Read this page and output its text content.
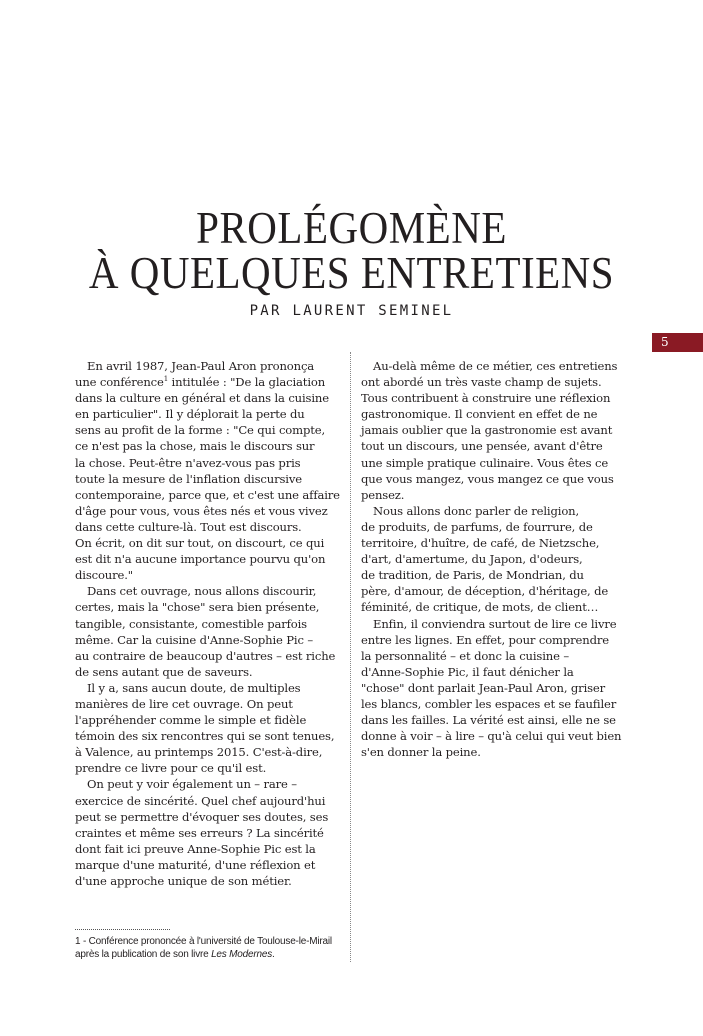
PROLÉGOMÈNE
À QUELQUES ENTRETIENS
PAR LAURENT SEMINEL
5

En avril 1987, Jean-Paul Aron prononça
une conférence$^1$ intitulée : "De la glaciation
dans la culture en général et dans la cuisine
en particulier". Il y déplorait la perte du
sens au profit de la forme : "Ce qui compte,
ce n'est pas la chose, mais le discours sur
la chose. Peut-être n'avez-vous pas pris
toute la mesure de l'inflation discursive
contemporaine, parce que, et c'est une affaire
d'âge pour vous, vous êtes nés et vous vivez
dans cette culture-là. Tout est discours.
On écrit, on dit sur tout, on discourt, ce qui
est dit n'a aucune importance pourvu qu'on
discoure."

Dans cet ouvrage, nous allons discourir,
certes, mais la "chose" sera bien présente,
tangible, consistante, comestible parfois
même. Car la cuisine d'Anne-Sophie Pic –
au contraire de beaucoup d'autres – est riche
de sens autant que de saveurs.

Il y a, sans aucun doute, de multiples
manières de lire cet ouvrage. On peut
l'appréhender comme le simple et fidèle
témoin des six rencontres qui se sont tenues,
à Valence, au printemps 2015. C'est-à-dire,
prendre ce livre pour ce qu'il est.

On peut y voir également un – rare –
exercice de sincérité. Quel chef aujourd'hui
peut se permettre d'évoquer ses doutes, ses
craintes et même ses erreurs ? La sincérité
dont fait ici preuve Anne-Sophie Pic est la
marque d'une maturité, d'une réflexion et
d'une approche unique de son métier.

Au-delà même de ce métier, ces entretiens
ont abordé un très vaste champ de sujets.
Tous contribuent à construire une réflexion
gastronomique. Il convient en effet de ne
jamais oublier que la gastronomie est avant
tout un discours, une pensée, avant d'être
une simple pratique culinaire. Vous êtes ce
que vous mangez, vous mangez ce que vous
pensez.

Nous allons donc parler de religion,
de produits, de parfums, de fourrure, de
territoire, d'huître, de café, de Nietzsche,
d'art, d'amertume, du Japon, d'odeurs,
de tradition, de Paris, de Mondrian, du
père, d'amour, de déception, d'héritage, de
féminité, de critique, de mots, de client…

Enfin, il conviendra surtout de lire ce livre
entre les lignes. En effet, pour comprendre
la personnalité – et donc la cuisine –
d'Anne-Sophie Pic, il faut dénicher la
"chose" dont parlait Jean-Paul Aron, griser
les blancs, combler les espaces et se faufiler
dans les failles. La vérité est ainsi, elle ne se
donne à voir – à lire – qu'à celui qui veut bien
s'en donner la peine.

1 - Conférence prononcée à l'université de Toulouse-le-Mirail
après la publication de son livre Les Modernes.
